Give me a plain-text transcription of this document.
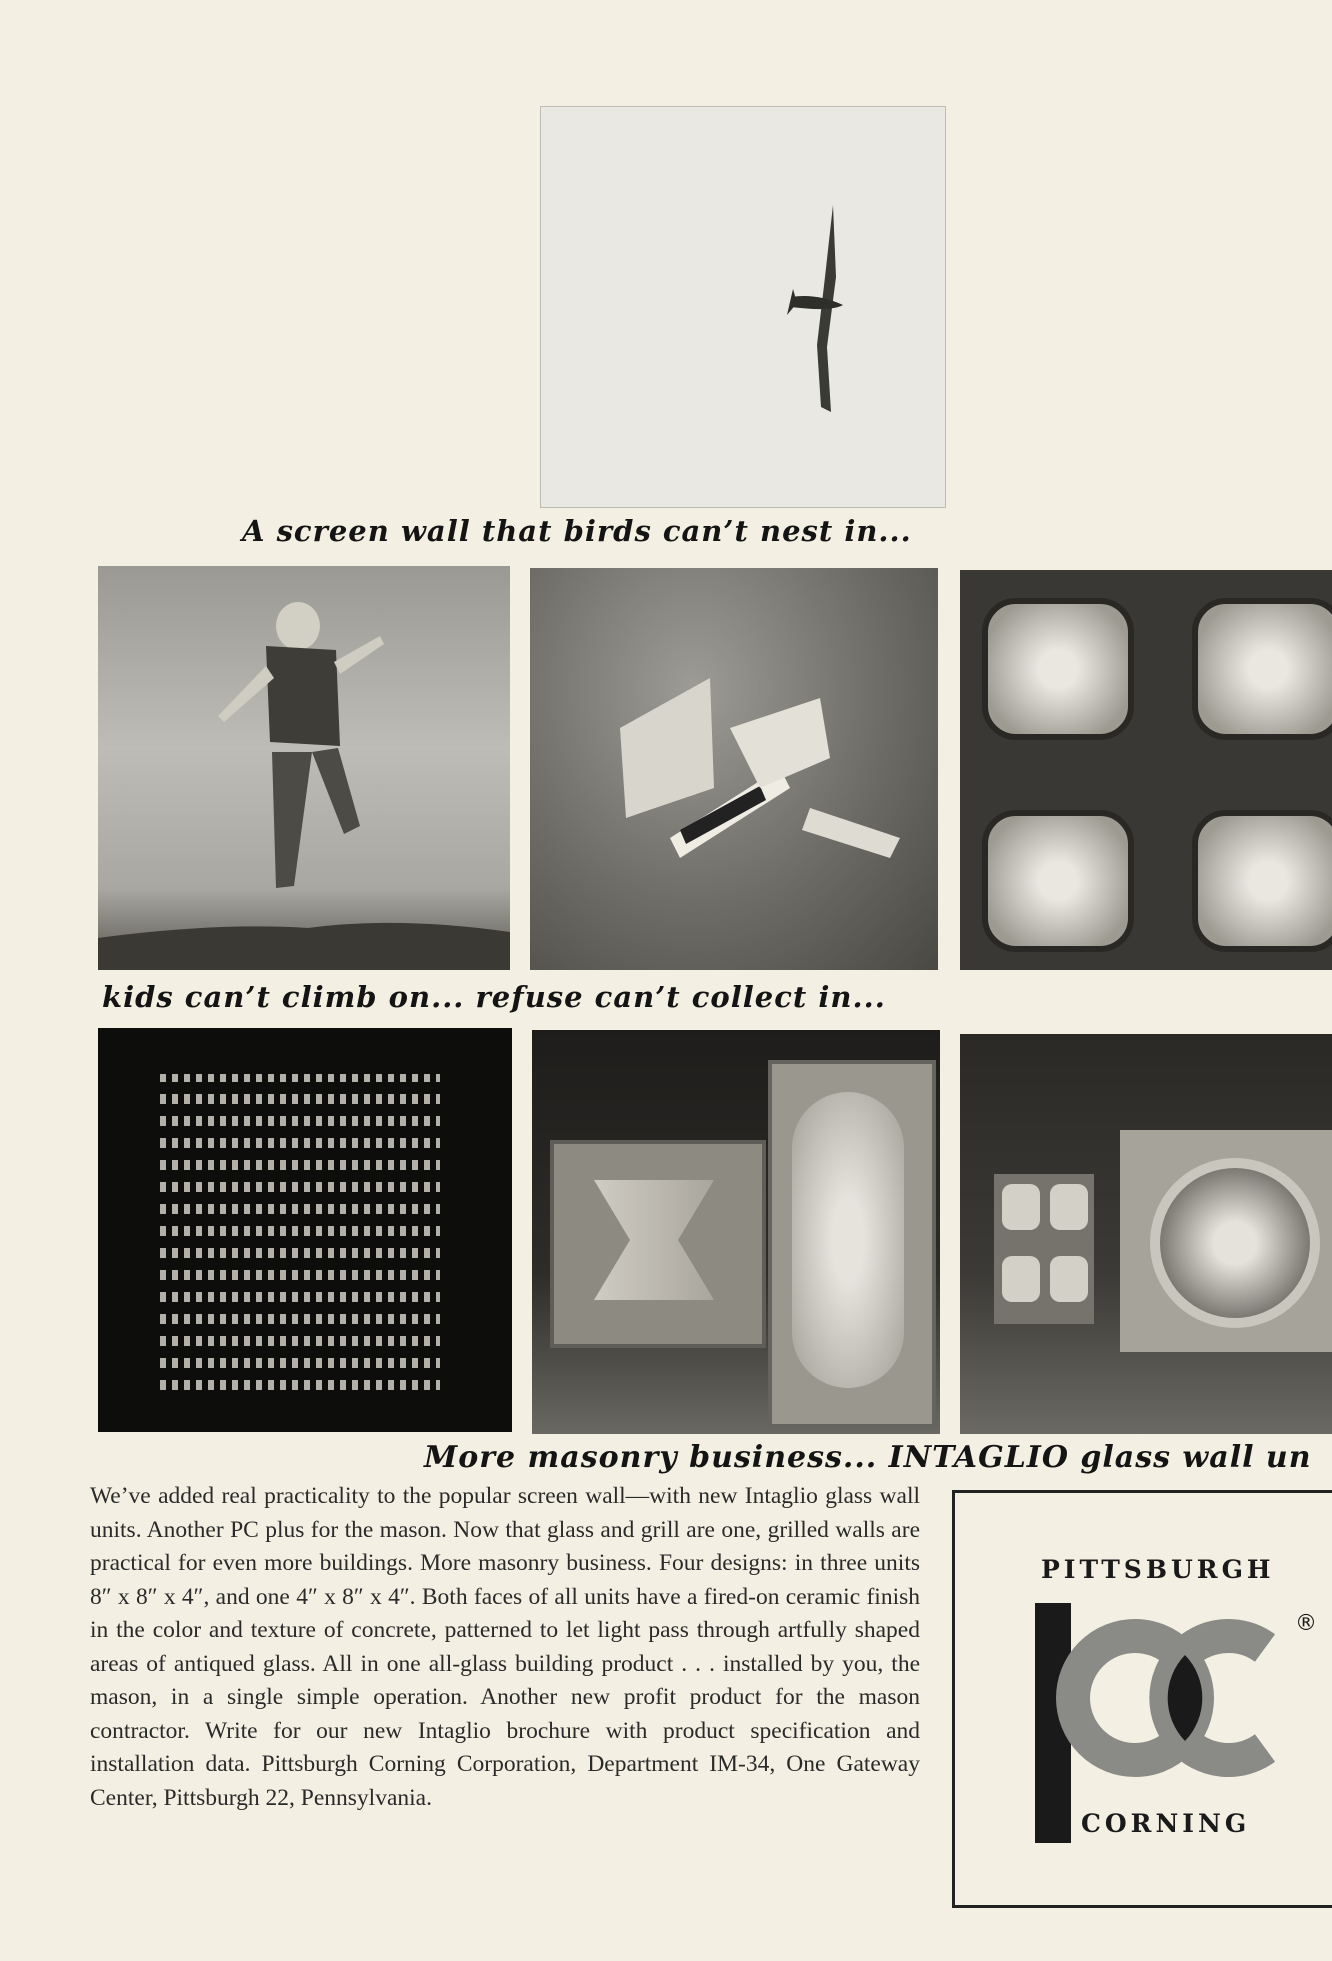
A screen wall that birds can’t nest in...
kids can’t climb on... refuse can’t collect in...
More masonry business... INTAGLIO glass wall un
We’ve added real practicality to the popular screen wall—with new Intaglio glass wall units. Another PC plus for the mason. Now that glass and grill are one, grilled walls are practical for even more buildings. More masonry business. Four designs: in three units 8″ x 8″ x 4″, and one 4″ x 8″ x 4″. Both faces of all units have a fired-on ceramic finish in the color and texture of concrete, patterned to let light pass through artfully shaped areas of antiqued glass. All in one all-glass building product . . . installed by you, the mason, in a single simple operation. Another new profit product for the mason contractor. Write for our new Intaglio brochure with product specification and installation data. Pittsburgh Corning Corporation, Department IM-34, One Gateway Center, Pittsburgh 22, Pennsylvania.
PITTSBURGH
®
CORNING
